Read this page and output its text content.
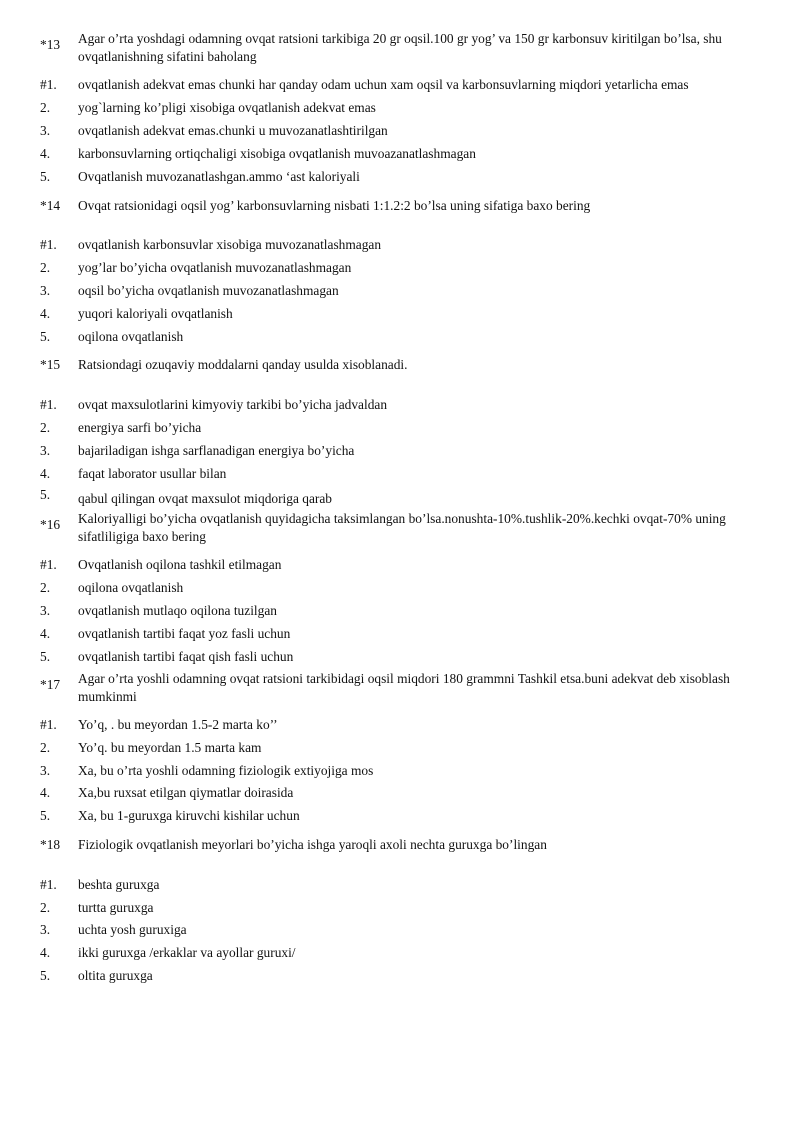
*13 Agar o’rta yoshdagi odamning ovqat ratsioni tarkibiga 20 gr oqsil.100 gr yog’ va 150 gr karbonsuv kiritilgan bo’lsa, shu ovqatlanishning sifatini baholang
#1. ovqatlanish adekvat emas chunki har qanday odam uchun xam oqsil va karbonsuvlarning miqdori yetarlicha emas
2. yog`larning ko’pligi xisobiga ovqatlanish adekvat emas
3. ovqatlanish adekvat emas.chunki u muvozanatlashtirilgan
4. karbonsuvlarning ortiqchaligi xisobiga ovqatlanish muvoazanatlashmagan
5. Ovqatlanish muvozanatlashgan.ammo ‘ast kaloriyali
*14 Ovqat ratsionidagi oqsil yog’ karbonsuvlarning nisbati 1:1.2:2 bo’lsa uning sifatiga baxo bering
#1. ovqatlanish karbonsuvlar xisobiga muvozanatlashmagan
2. yog’lar bo’yicha ovqatlanish muvozanatlashmagan
3. oqsil bo’yicha ovqatlanish muvozanatlashmagan
4. yuqori kaloriyali ovqatlanish
5. oqilona ovqatlanish
*15 Ratsiondagi ozuqaviy moddalarni qanday usulda xisoblanadi.
#1. ovqat maxsulotlarini kimyoviy tarkibi bo’yicha jadvaldan
2. energiya sarfi bo’yicha
3. bajariladigan ishga sarflanadigan energiya bo’yicha
4. faqat laborator usullar bilan
5. qabul qilingan ovqat maxsulot miqdoriga qarab
*16 Kaloriyalligi bo’yicha ovqatlanish quyidagicha taksimlangan bo’lsa.nonushta-10%.tushlik-20%.kechki ovqat-70% uning sifatliligiga baxo bering
#1. Ovqatlanish oqilona tashkil etilmagan
2. oqilona ovqatlanish
3. ovqatlanish mutlaqo oqilona tuzilgan
4. ovqatlanish tartibi faqat yoz fasli uchun
5. ovqatlanish tartibi faqat qish fasli uchun
*17 Agar o’rta yoshli odamning ovqat ratsioni tarkibidagi oqsil miqdori 180 grammni Tashkil etsa.buni adekvat deb xisoblash mumkinmi
#1. Yo’q, . bu meyordan 1.5-2 marta ko’’
2. Yo’q. bu meyordan 1.5 marta kam
3. Xa, bu o’rta yoshli odamning fiziologik extiyojiga mos
4. Xa,bu ruxsat etilgan qiymatlar doirasida
5. Xa, bu 1-guruxga kiruvchi kishilar uchun
*18 Fiziologik ovqatlanish meyorlari bo’yicha ishga yaroqli axoli nechta guruxga bo’lingan
#1. beshta guruxga
2. turtta guruxga
3. uchta yosh guruxiga
4. ikki guruxga /erkaklar va ayollar guruxi/
5. oltita guruxga
